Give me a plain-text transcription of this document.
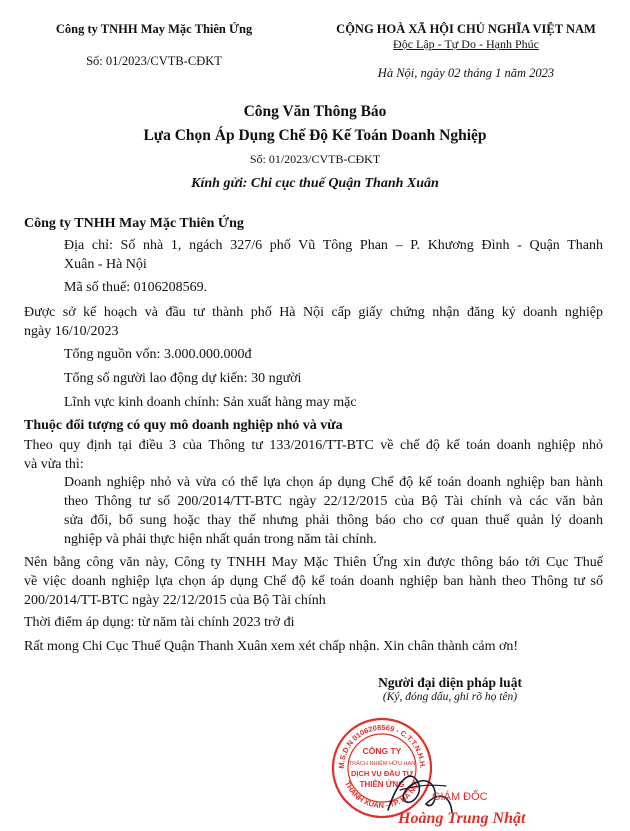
Công ty TNHH May Mặc Thiên Ứng
Số: 01/2023/CVTB-CĐKT
CỘNG HOÀ XÃ HỘI CHỦ NGHĨA VIỆT NAM
Độc Lập - Tự Do - Hạnh Phúc
Hà Nội, ngày 02 tháng 1 năm 2023
Công Văn Thông Báo
Lựa Chọn Áp Dụng Chế Độ Kế Toán Doanh Nghiệp
Số: 01/2023/CVTB-CĐKT
Kính gửi: Chi cục thuế Quận Thanh Xuân
Công ty TNHH May Mặc Thiên Ứng
Địa chỉ: Số nhà 1, ngách 327/6 phố Vũ Tông Phan – P. Khương Đình - Quận Thanh
Xuân - Hà Nội
Mã số thuế: 0106208569.
Được sở kế hoạch và đầu tư thành phố Hà Nội cấp giấy chứng nhận đăng ký doanh nghiệp
ngày 16/10/2023
Tổng nguồn vốn: 3.000.000.000đ
Tổng số người lao động dự kiến: 30 người
Lĩnh vực kinh doanh chính: Sản xuất hàng may mặc
Thuộc đối tượng có quy mô doanh nghiệp nhỏ và vừa
Theo quy định tại điều 3 của Thông tư 133/2016/TT-BTC về chế độ kế toán doanh nghiệp nhỏ
và vừa thì:
Doanh nghiệp nhỏ và vừa có thể lựa chọn áp dụng Chế độ kế toán doanh nghiệp ban hành
theo Thông tư số 200/2014/TT-BTC ngày 22/12/2015 của Bộ Tài chính và các văn bản
sửa đổi, bổ sung hoặc thay thế nhưng phải thông báo cho cơ quan thuế quản lý doanh
nghiệp và phải thực hiện nhất quán trong năm tài chính.
Nên bằng công văn này, Công ty TNHH May Mặc Thiên Ứng xin được thông báo tới Cục Thuế
về việc doanh nghiệp lựa chọn áp dụng Chế độ kế toán doanh nghiệp ban hành theo Thông tư số
200/2014/TT-BTC ngày 22/12/2015 của Bộ Tài chính
Thời điểm áp dụng: từ năm tài chính 2023 trở đi
Rất mong Chi Cục Thuế Quận Thanh Xuân xem xét chấp nhận. Xin chân thành cảm ơn!
Người đại diện pháp luật
(Ký, đóng dấu, ghi rõ họ tên)
M.S.D.N 0106208569 - C.T.T.N.H.H.
THANH XUÂN - TP. HÀ NỘI
CÔNG TY
TRÁCH NHIỆM HỮU HẠN
DỊCH VỤ ĐẦU TƯ
THIÊN ỨNG
GIÁM ĐỐC
Hoàng Trung Nhật
